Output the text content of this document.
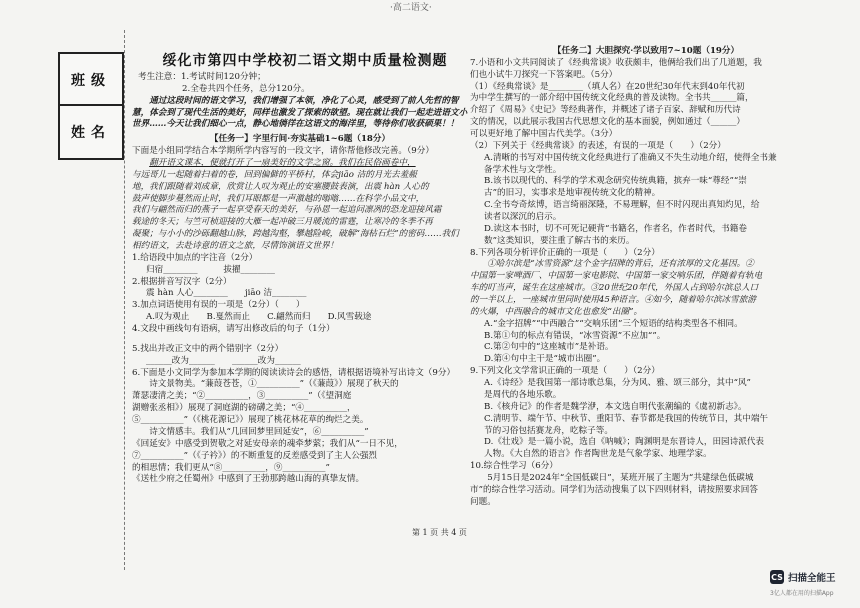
·高二语文·
班级
姓名
绥化市第四中学校初二语文期中质量检测题

考生注意：1.考试时间120分钟；

2.全卷共四个任务，总分120分。

通过这段时间的语文学习，我们增强了本领，净化了心灵，感受到了前人先哲的智慧，体会到了现代生活的美好，同样也激发了探索的欲望。现在就让我们一起走进语文小世界……今天让我们细心一点，静心地徜徉在这语文的海洋里，等待你们收获硕果！！

【任务一】字里行间·夯实基础1~6题（18分）

下面是小组同学结合本学期所学内容写的一段文字，请你帮他修改完善。（9分）

翻开语文课本，便就打开了一扇美好的文学之窗。我们在民俗画卷中，

与远哥儿一起随着扫着的卷，回到偏僻的平桥村，体会jiāo 洁的月光去羞赧

地，我们跟随着刘成章，欣赏让人叹为观止的安塞腰鼓表演，出震 hàn 人心的

鼓声使脚步蔓然而止时，我们耳眼都是一声激越的嗡嗡……在科学小品文中，

我们与翩然而归的燕子一起享受春天的美好，与孙恩一起追问凛冽的恐龙迎接风霜

载途的冬天；与竺可桢迎接的大雁一起冲破三月暖流的雷霆，让寒冷的冬季不再

凝聚；与小小的沙砾翻越山脉，跨越沟壑，攀越险峻，破解“海枯石烂”的密码……我们

相约语文，去赴诗意的语文之旅，尽情饰演语文世界！

1.给语段中加点的字注音（2分）

归宿________　　　拔擢________

2.根据拼音写汉字（2分）

震 hàn 人心________　　jiāo 洁________

3.加点词语使用有误的一项是（2分）（　　）

A.叹为观止　　B.戛然而止　　C.翩然而归　　D.风雪载途

4.文段中画线句有语病，请写出修改后的句子（1分）

5.找出并改正文中的两个错别字（2分）

______改为______　　______改为______

6.下面是小文同学为参加本学期的阅读读诗会的感悟，请根据语境补写出诗文（9分）

诗文景物美。“蒹葭苍苍，①__________”（《蒹葭》）展现了秋天的

萧瑟凄清之美；“②__________，③__________”（《望洞庭

湖赠张丞相》）展现了洞庭湖的磅礴之美；“④__________，

⑤__________”（《桃花源记》）展现了桃花林花草的绚烂之美。

诗文情感丰。我们从“几回回梦里回延安”，⑥__________”

《回延安》中感受到贺敬之对延安母亲的魂牵梦萦；我们从“一日不见，

⑦__________”（《子衿》）的不断重复的反差感受到了主人公强烈

的相思情；我们更从“⑧__________，⑨__________”

《送杜少府之任蜀州》中感到了王勃那跨越山海的真挚友情。

【任务二】大胆探究·学以致用7~10题（19分）

7.小语和小文共同阅读了《经典常谈》收获颇丰，他俩给我们出了几道题，我

们也小试牛刀探究一下答案吧。（5分）

（1）《经典常谈》是________（填人名）在20世纪30年代末到40年代初

为中学生撰写的一部介绍中国传统文化经典的普及读物。全书共______篇，

介绍了《周易》《史记》等经典著作，并概述了诸子百家、辞赋和历代诗

文的情况，以此展示我国古代思想文化的基本面貌，例如通过（______）

可以更好地了解中国古代美学。（3分）

（2）下列关于《经典常谈》的表述，有误的一项是（　　）（2分）

A.清晰的书写对中国传统文化经典进行了准确又不失生动地介绍，使得全书兼

备学术性与文学性。

B.该书以现代的、科学的学术观念研究传统典籍，摈弃一味“尊经”“崇

古”的旧习，实事求是地审视传统文化的精神。

C.全书夸奇炫博，语言绮丽深隆，不易理解，但不时闪现出真知灼见，给

读者以深沉的启示。

D.读这本书时，切不可死记硬背“书籍名，作者名，作者时代，书籍卷

数”这类知识，要注重了解古书的来历。

8.下列各项分析评价正确的一项是（　　）（2分）

①哈尔滨是“冰雪资源”这个金字招牌的背后，还有浓厚的文化基因。②

中国第一家啤酒厂、中国第一家电影院、中国第一家交响乐团，伴随着有轨电

车的叮当声，诞生在这座城市。③20世纪20年代，外国人占到哈尔滨总人口

的一半以上，一座城市里同时使用45种语言。④如今，随着哈尔滨冰雪旅游

的火爆，中西融合的城市文化也愈发“出圈”。

A.“金字招牌”“中西融合”“交响乐团”三个短语的结构类型各不相同。

B.第①句的标点有错误，“冰雪资源”不应加“”。

C.第②句中的“这座城市”是补语。

D.第④句中主干是“城市出圈”。

9.下列文化文学常识正确的一项是（　　）（2分）

A.《诗经》是我国第一部诗歌总集，分为风、雅、颂三部分，其中“风”

是周代的各地乐歌。

B.《核舟记》的作者是魏学洢，本文选自明代张潮编的《虞初新志》。

C.清明节、端午节、中秋节、重阳节、春节都是我国的传统节日，其中端午

节的习俗包括赛龙舟，吃粽子等。

D.《壮戏》是一篇小说，选自《呐喊》；陶渊明是东晋诗人，田园诗派代表

人物。《大自然的语言》作者陶世龙是气象学家、地理学家。

10.综合性学习（6分）

5月15日是2024年“全国低碳日”，某班开展了主题为“共建绿色低碳城

市”的综合性学习活动。同学们为活动搜集了以下四则材料，请按照要求回答

问题。

第 1 页 共 4 页
CS 扫描全能王
3亿人都在用的扫描App
